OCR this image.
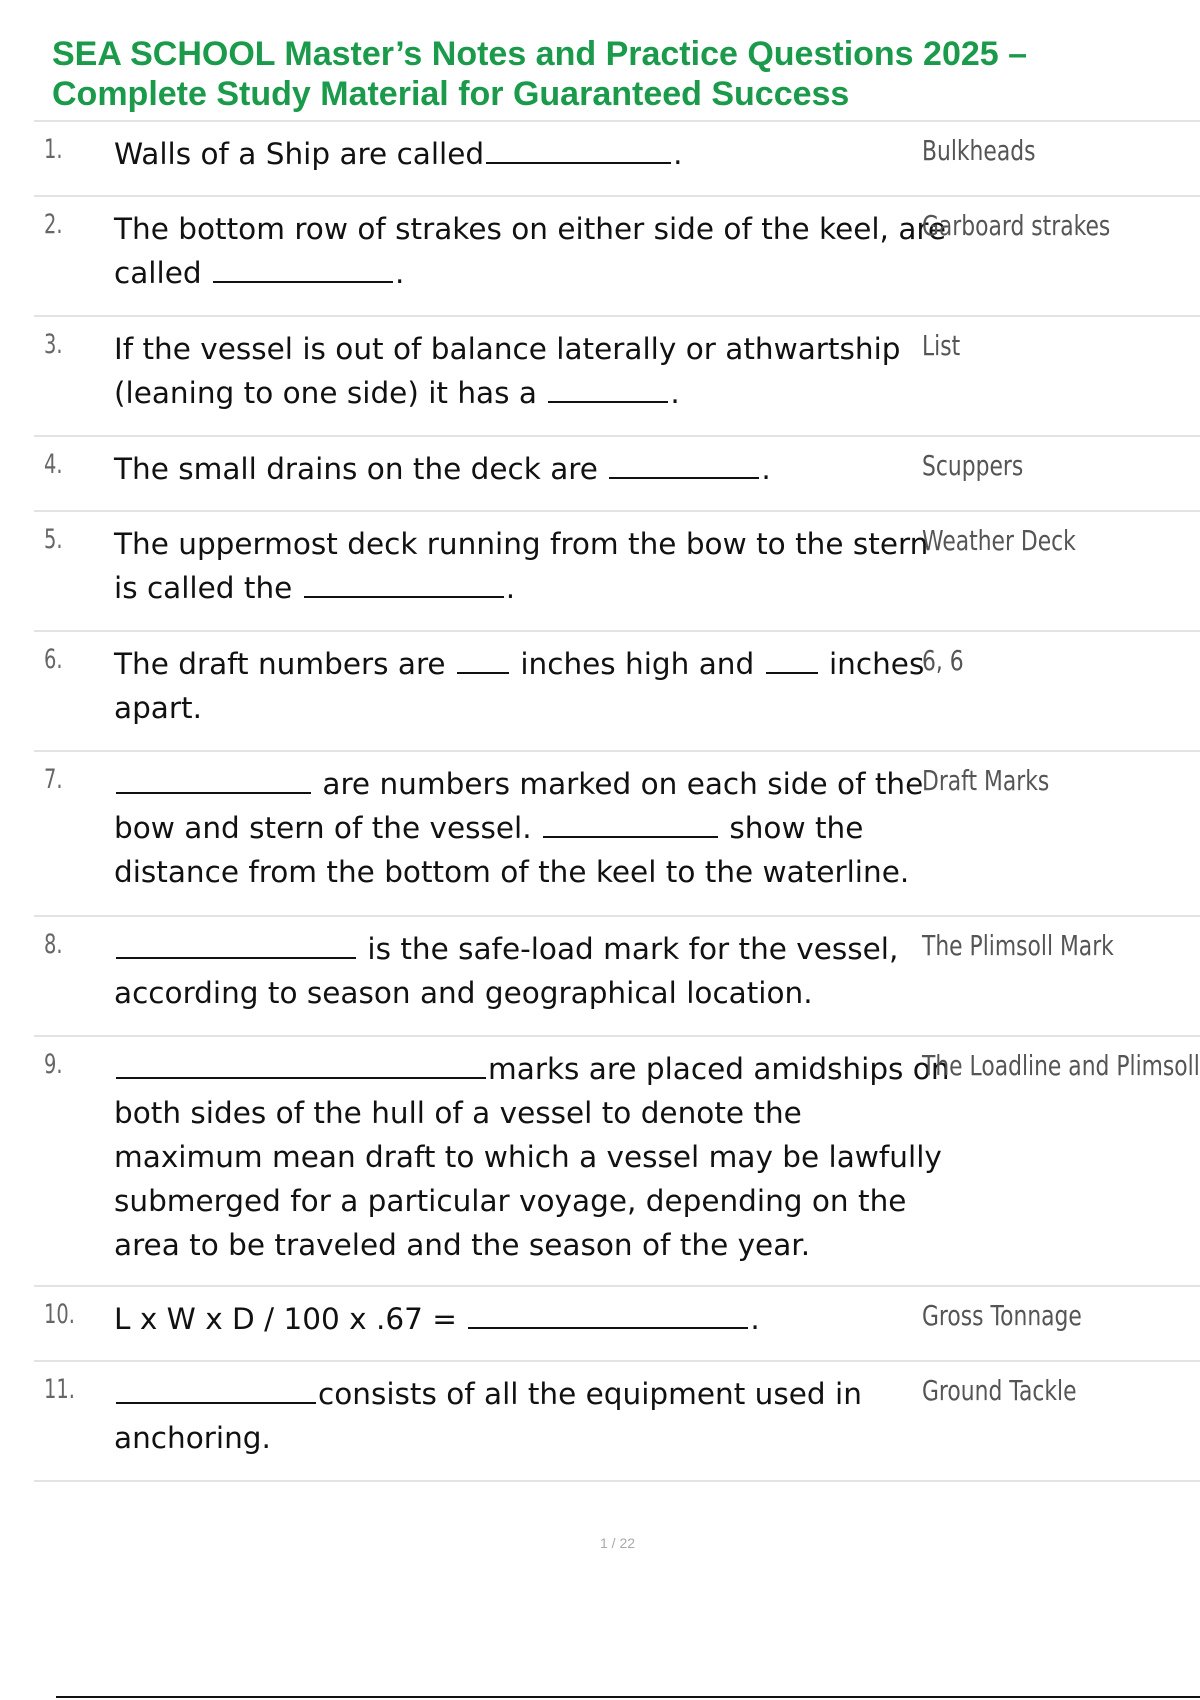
SEA SCHOOL Master’s Notes and Practice Questions 2025 –
Complete Study Material for Guaranteed Success
1. Walls of a Ship are called	.	Bulkheads
2. The bottom row of strakes on either side of the keel, are called	.
Garboard strakes
3. If the vessel is out of balance laterally or athwartship (leaning to one side) it has a	.
List
4. The small drains on the deck are	.	Scuppers
5. The uppermost deck running from the bow to the stern is called the	.
Weather Deck
6. The draft numbers are  inches high and  inches apart.
6, 6
7.	are numbers marked on each side of the bow and stern of the vessel.	show the distance from the bottom of the keel to the waterline.
Draft Marks
8.	is the safe-load mark for the vessel, according to season and geographical location.
The Plimsoll Mark
9.	marks are placed amidships on both sides of the hull of a vessel to denote the maximum mean draft to which a vessel may be lawfully submerged for a particular voyage, depending on the area to be traveled and the season of the year.
The Loadline and Plimsoll
10. L x W x D / 100 x .67 =	.	Gross Tonnage
11.	consists of all the equipment used in anchoring.
Ground Tackle
1 / 22
